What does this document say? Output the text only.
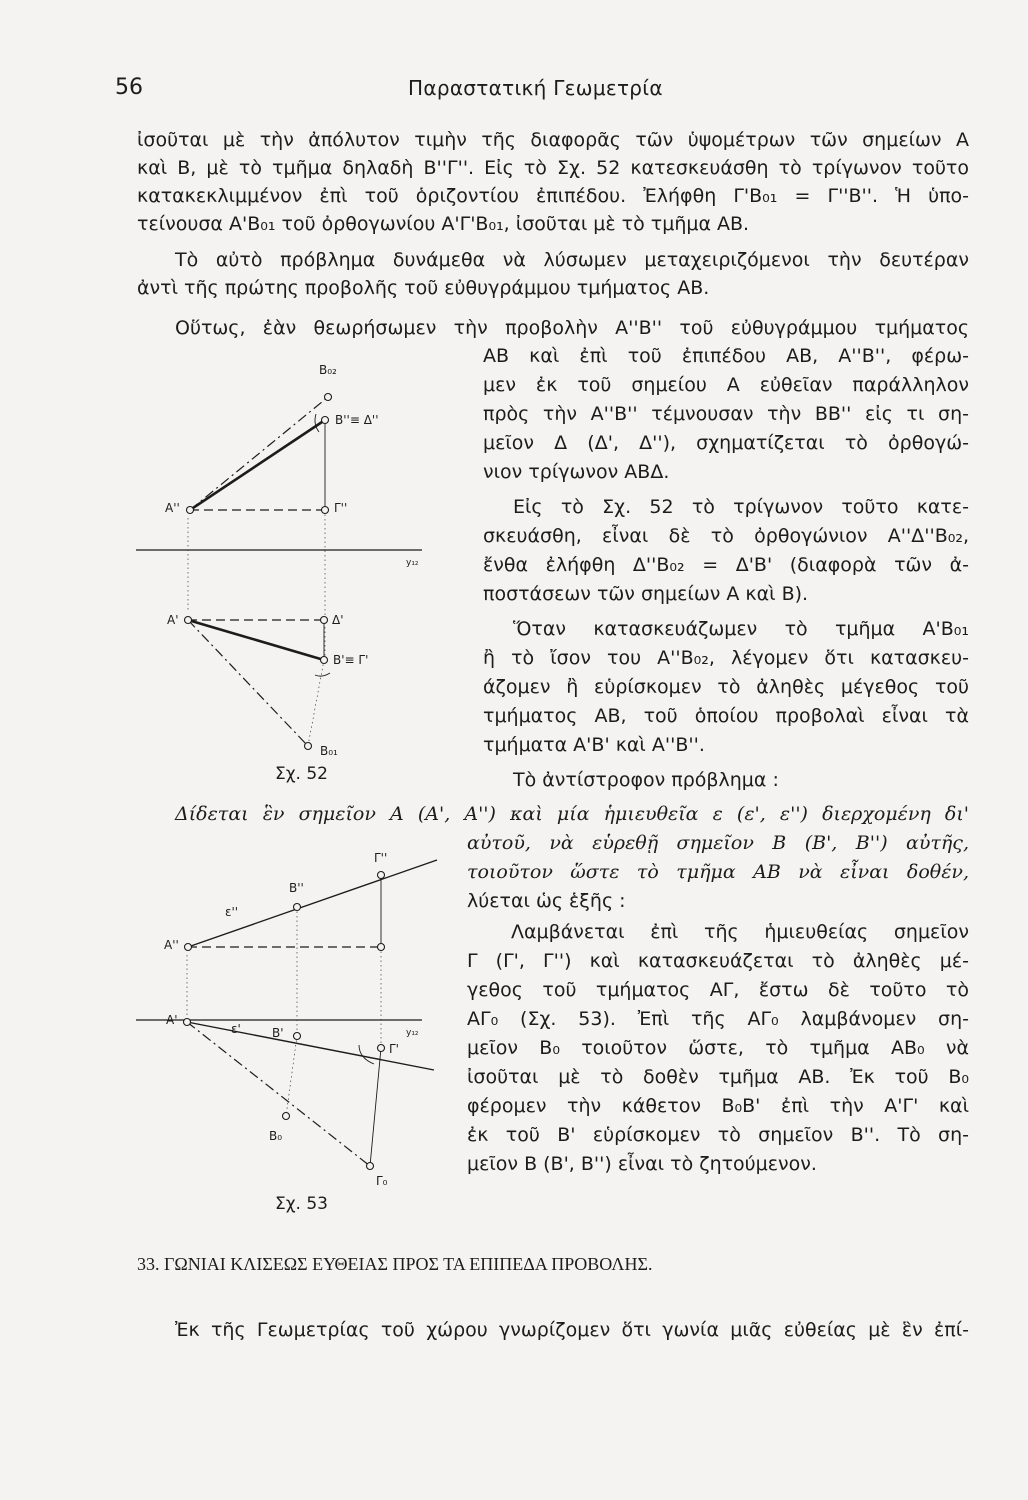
56	Παραστατική Γεωμετρία
ἰσοῦται μὲ τὴν ἀπόλυτον τιμὴν τῆς διαφορᾶς τῶν ὑψομέτρων τῶν σημείων A
καὶ B, μὲ τὸ τμῆμα δηλαδὴ B''Γ''. Εἰς τὸ Σχ. 52 κατεσκευάσθη τὸ τρίγωνον τοῦτο
κατακεκλιμμένον ἐπὶ τοῦ ὁριζοντίου ἐπιπέδου. Ἐλήφθη Γ'B₀₁ = Γ''B''. Ἡ ὑπο-
τείνουσα A'B₀₁ τοῦ ὀρθογωνίου A'Γ'B₀₁, ἰσοῦται μὲ τὸ τμῆμα AB.
Τὸ αὐτὸ πρόβλημα δυνάμεθα νὰ λύσωμεν μεταχειριζόμενοι τὴν δευτέραν
ἀντὶ τῆς πρώτης προβολῆς τοῦ εὐθυγράμμου τμήματος AB.
Οὕτως, ἐὰν θεωρήσωμεν τὴν προβολὴν A''B'' τοῦ εὐθυγράμμου τμήματος
AB καὶ ἐπὶ τοῦ ἐπιπέδου AB, A''B'', φέρω-
μεν ἐκ τοῦ σημείου A εὐθεῖαν παράλληλον
πρὸς τὴν A''B'' τέμνουσαν τὴν BB'' εἰς τι ση-
μεῖον Δ (Δ', Δ''), σχηματίζεται τὸ ὀρθογώ-
νιον τρίγωνον ABΔ.
Εἰς τὸ Σχ. 52 τὸ τρίγωνον τοῦτο κατε-
σκευάσθη, εἶναι δὲ τὸ ὀρθογώνιον A''Δ''B₀₂,
ἔνθα ἐλήφθη Δ''B₀₂ = Δ'B' (διαφορὰ τῶν ἀ-
ποστάσεων τῶν σημείων A καὶ B).
Ὅταν κατασκευάζωμεν τὸ τμῆμα A'B₀₁
ἢ τὸ ἴσον του A''B₀₂, λέγομεν ὅτι κατασκευ-
άζομεν ἢ εὑρίσκομεν τὸ ἀληθὲς μέγεθος τοῦ
τμήματος AB, τοῦ ὁποίου προβολαὶ εἶναι τὰ
τμήματα A'B' καὶ A''B''.
Τὸ ἀντίστροφον πρόβλημα :
Δίδεται ἓν σημεῖον A (A', A'') καὶ μία ἡμιευθεῖα ε (ε', ε'') διερχομένη δι'
αὐτοῦ, νὰ εὑρεθῇ σημεῖον B (B', B'') αὐτῆς,
τοιοῦτον ὥστε τὸ τμῆμα AB νὰ εἶναι δοθέν,
λύεται ὡς ἑξῆς :
Λαμβάνεται ἐπὶ τῆς ἡμιευθείας σημεῖον
Γ (Γ', Γ'') καὶ κατασκευάζεται τὸ ἀληθὲς μέ-
γεθος τοῦ τμήματος AΓ, ἔστω δὲ τοῦτο τὸ
AΓ₀ (Σχ. 53). Ἐπὶ τῆς AΓ₀ λαμβάνομεν ση-
μεῖον B₀ τοιοῦτον ὥστε, τὸ τμῆμα AB₀ νὰ
ἰσοῦται μὲ τὸ δοθὲν τμῆμα AB. Ἐκ τοῦ B₀
φέρομεν τὴν κάθετον B₀B' ἐπὶ τὴν A'Γ' καὶ
ἐκ τοῦ B' εὑρίσκομεν τὸ σημεῖον B''. Τὸ ση-
μεῖον B (B', B'') εἶναι τὸ ζητούμενον.
33. ΓΩΝΙΑΙ ΚΛΙΣΕΩΣ ΕΥΘΕΙΑΣ ΠΡΟΣ ΤΑ ΕΠΙΠΕΔΑ ΠΡΟΒΟΛΗΣ.
Ἐκ τῆς Γεωμετρίας τοῦ χώρου γνωρίζομεν ὅτι γωνία μιᾶς εὐθείας μὲ ἓν ἐπί-
B₀₂
B''≡ Δ''
A''	Γ''
y₁₂
A'	Δ'
B'≡ Γ'
B₀₁
Σχ. 52
Γ''
B''
ε''
A''
y₁₂
A'
ε'	B'
Γ'
B₀
Γ₀
Σχ. 53
